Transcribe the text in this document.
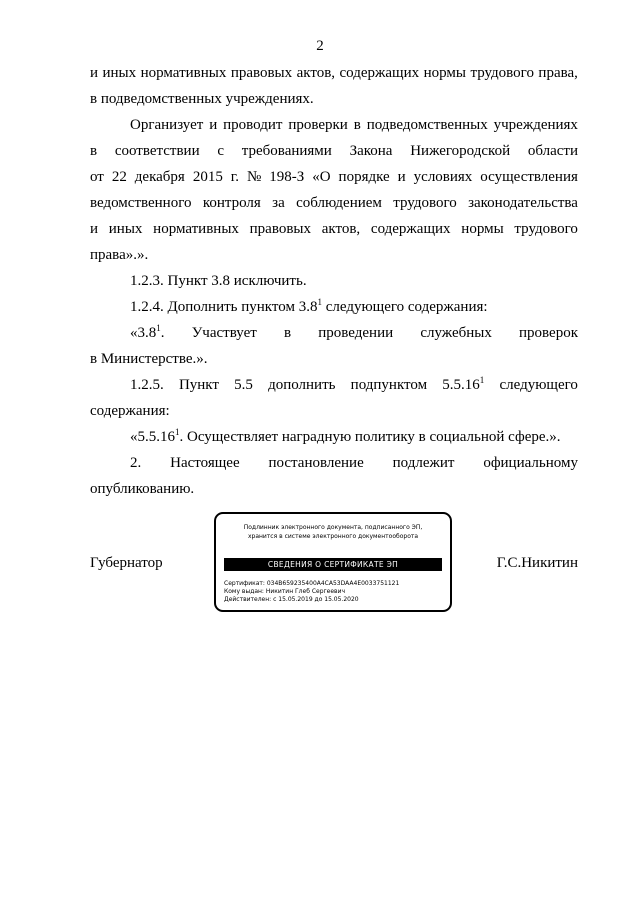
2
и иных нормативных правовых актов, содержащих нормы трудового права,
в подведомственных учреждениях.
Организует и проводит проверки в подведомственных учреждениях
в соответствии с требованиями Закона Нижегородской области
от 22 декабря 2015 г. № 198-З «О порядке и условиях осуществления
ведомственного контроля за соблюдением трудового законодательства
и иных нормативных правовых актов, содержащих нормы трудового
права».».
1.2.3. Пункт 3.8 исключить.
1.2.4. Дополнить пунктом $3.8^1$ следующего содержания:
«$3.8^1$. Участвует в проведении служебных проверок
в Министерстве.».
1.2.5. Пункт 5.5 дополнить подпунктом 5.5.16$^1$ следующего
содержания:
«5.5.16$^1$. Осуществляет наградную политику в социальной сфере.».
2. Настоящее постановление подлежит официальному
опубликованию.
Губернатор
Подлинник электронного документа, подписанного ЭП,
хранится в системе электронного документооборота
СВЕДЕНИЯ О СЕРТИФИКАТЕ ЭП
Сертификат: 034B659235400A4CA53DAA4E0033751121
Кому выдан: Никитин Глеб Сергеевич
Действителен: с 15.05.2019 до 15.05.2020
Г.С.Никитин
